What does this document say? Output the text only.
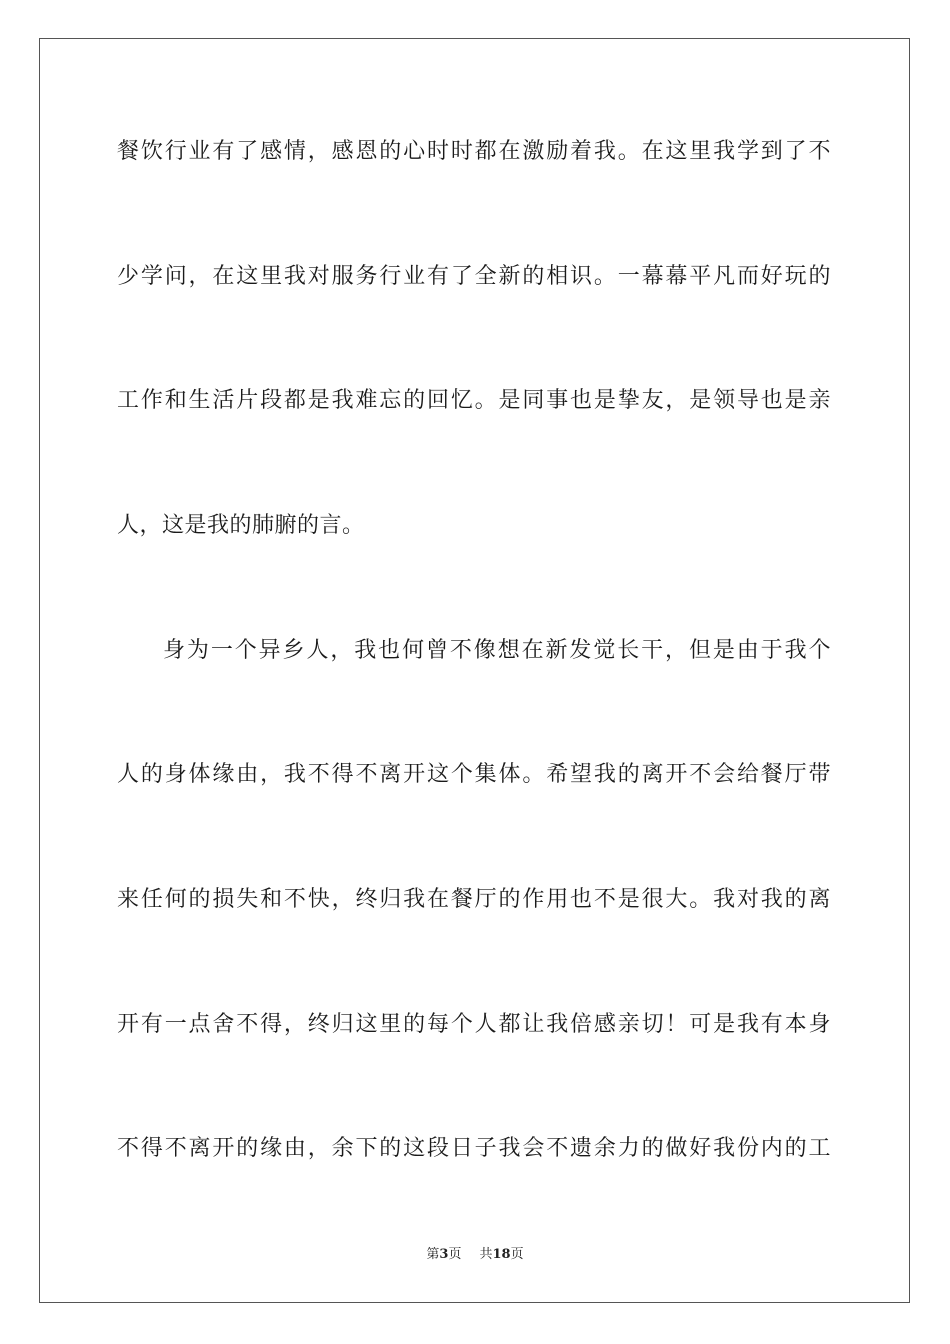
餐饮行业有了感情，感恩的心时时都在激励着我。在这里我学到了不
少学问，在这里我对服务行业有了全新的相识。一幕幕平凡而好玩的
工作和生活片段都是我难忘的回忆。是同事也是挚友，是领导也是亲
人，这是我的肺腑的言。
身为一个异乡人，我也何曾不像想在新发觉长干，但是由于我个
人的身体缘由，我不得不离开这个集体。希望我的离开不会给餐厅带
来任何的损失和不快，终归我在餐厅的作用也不是很大。我对我的离
开有一点舍不得，终归这里的每个人都让我倍感亲切！可是我有本身
不得不离开的缘由，余下的这段日子我会不遗余力的做好我份内的工
第3页 共18页
